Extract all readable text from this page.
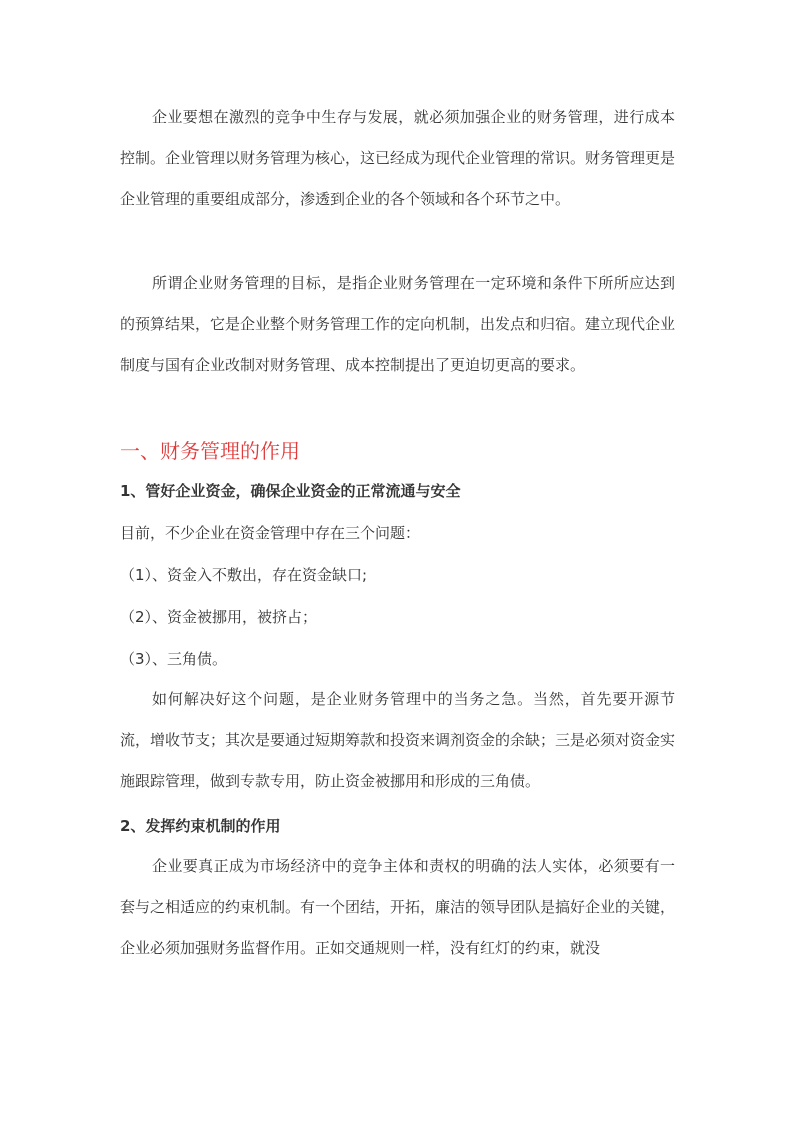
企业要想在激烈的竞争中生存与发展，就必须加强企业的财务管理，进行成本控制。企业管理以财务管理为核心，这已经成为现代企业管理的常识。财务管理更是企业管理的重要组成部分，渗透到企业的各个领域和各个环节之中。

所谓企业财务管理的目标，是指企业财务管理在一定环境和条件下所所应达到的预算结果，它是企业整个财务管理工作的定向机制，出发点和归宿。建立现代企业制度与国有企业改制对财务管理、成本控制提出了更迫切更高的要求。

一、财务管理的作用
1、管好企业资金，确保企业资金的正常流通与安全

目前，不少企业在资金管理中存在三个问题：

（1）、资金入不敷出，存在资金缺口;

（2）、资金被挪用，被挤占；

（3）、三角债。

如何解决好这个问题，是企业财务管理中的当务之急。当然，首先要开源节流，增收节支；其次是要通过短期筹款和投资来调剂资金的余缺；三是必须对资金实施跟踪管理，做到专款专用，防止资金被挪用和形成的三角债。

2、发挥约束机制的作用

企业要真正成为市场经济中的竞争主体和责权的明确的法人实体，必须要有一套与之相适应的约束机制。有一个团结，开拓，廉洁的领导团队是搞好企业的关键，企业必须加强财务监督作用。正如交通规则一样，没有红灯的约束，就没
